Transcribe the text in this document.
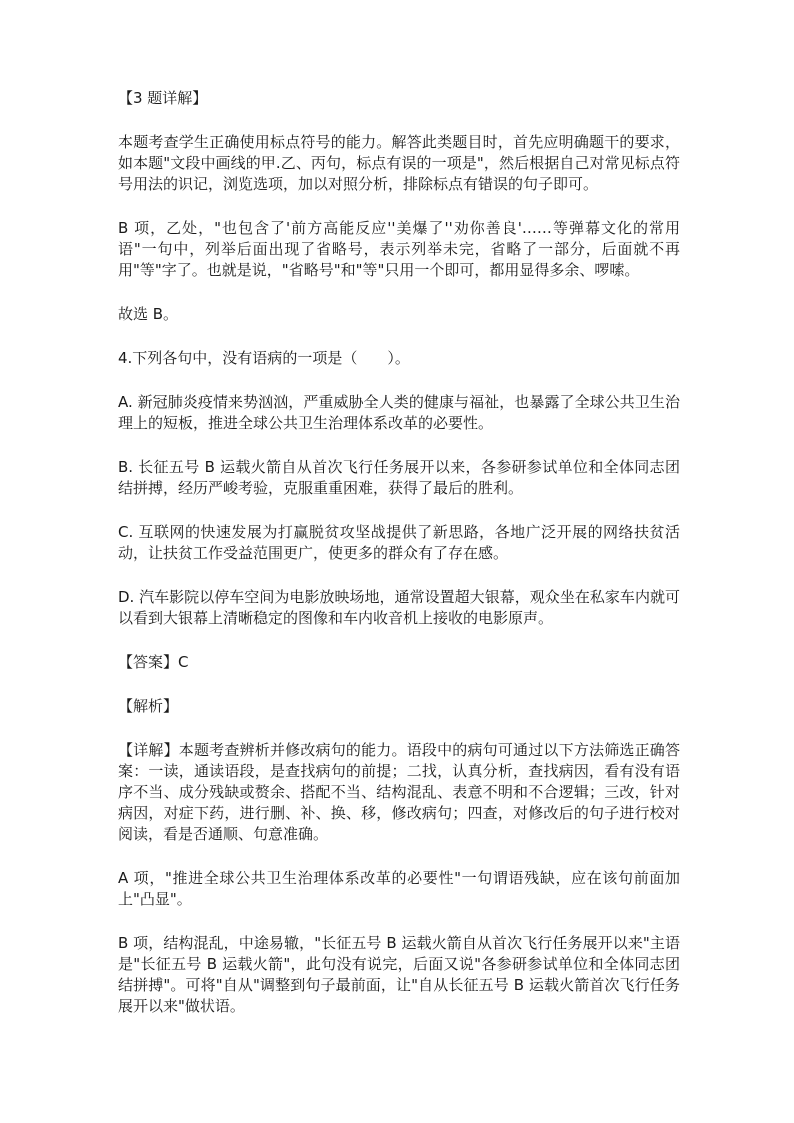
【3 题详解】

本题考查学生正确使用标点符号的能力。解答此类题目时，首先应明确题干的要求，如本题"文段中画线的甲.乙、丙句，标点有误的一项是"，然后根据自己对常见标点符号用法的识记，浏览选项，加以对照分析，排除标点有错误的句子即可。

B 项，乙处，"也包含了'前方高能反应''美爆了''劝你善良'……等弹幕文化的常用语"一句中，列举后面出现了省略号，表示列举未完，省略了一部分，后面就不再用"等"字了。也就是说，"省略号"和"等"只用一个即可，都用显得多余、啰嗦。

故选 B。

4.下列各句中，没有语病的一项是（　　）。

A. 新冠肺炎疫情来势汹汹，严重威胁全人类的健康与福祉，也暴露了全球公共卫生治理上的短板，推进全球公共卫生治理体系改革的必要性。

B. 长征五号 B 运载火箭自从首次飞行任务展开以来，各参研参试单位和全体同志团结拼搏，经历严峻考验，克服重重困难，获得了最后的胜利。

C. 互联网的快速发展为打赢脱贫攻坚战提供了新思路，各地广泛开展的网络扶贫活动，让扶贫工作受益范围更广，使更多的群众有了存在感。

D. 汽车影院以停车空间为电影放映场地，通常设置超大银幕，观众坐在私家车内就可以看到大银幕上清晰稳定的图像和车内收音机上接收的电影原声。

【答案】C

【解析】

【详解】本题考查辨析并修改病句的能力。语段中的病句可通过以下方法筛选正确答案：一读，通读语段，是查找病句的前提；二找，认真分析，查找病因，看有没有语序不当、成分残缺或赘余、搭配不当、结构混乱、表意不明和不合逻辑；三改，针对病因，对症下药，进行删、补、换、移，修改病句；四查，对修改后的句子进行校对阅读，看是否通顺、句意准确。

A 项，"推进全球公共卫生治理体系改革的必要性"一句谓语残缺，应在该句前面加上"凸显"。

B 项，结构混乱，中途易辙，"长征五号 B 运载火箭自从首次飞行任务展开以来"主语是"长征五号 B 运载火箭"，此句没有说完，后面又说"各参研参试单位和全体同志团结拼搏"。可将"自从"调整到句子最前面，让"自从长征五号 B 运载火箭首次飞行任务展开以来"做状语。
